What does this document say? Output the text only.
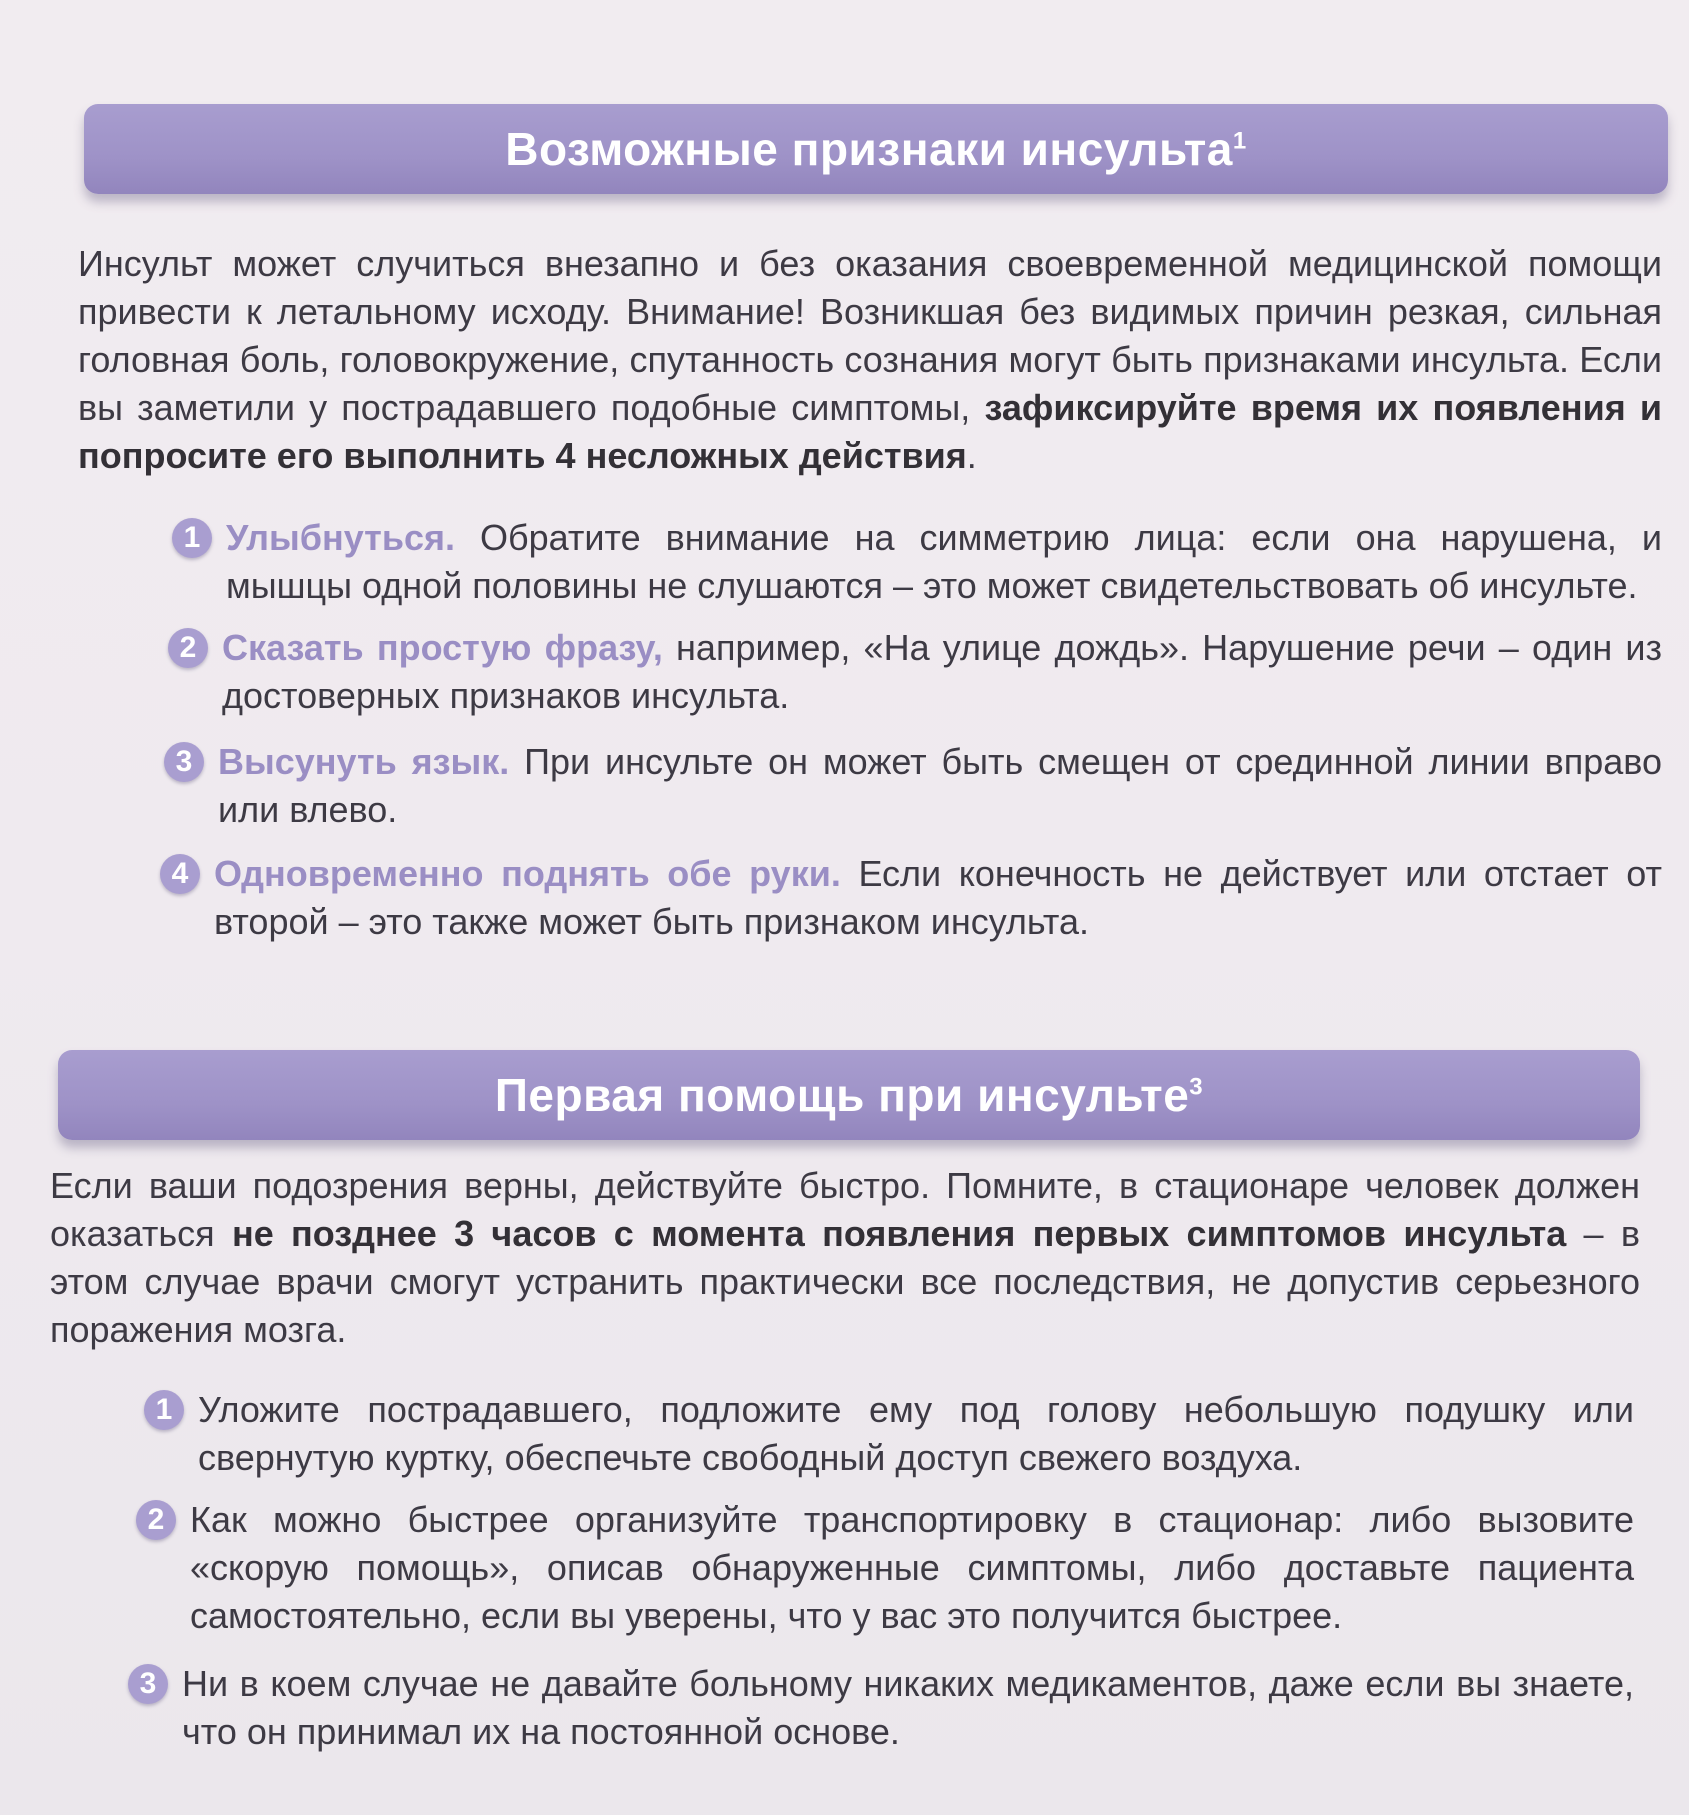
Возможные признаки инсульта$^1$

Инсульт может случиться внезапно и без оказания своевременной медицинской помощи привести к летальному исходу. Внимание! Возникшая без видимых причин резкая, сильная головная боль, головокружение, спутанность сознания могут быть признаками инсульта. Если вы заметили у пострадавшего подобные симптомы, зафиксируйте время их появления и попросите его выполнить 4 несложных действия.

1 Улыбнуться. Обратите внимание на симметрию лица: если она нарушена, и мышцы одной половины не слушаются – это может свидетельствовать об инсульте.
2 Сказать простую фразу, например, «На улице дождь». Нарушение речи – один из достоверных признаков инсульта.
3 Высунуть язык. При инсульте он может быть смещен от срединной линии вправо или влево.
4 Одновременно поднять обе руки. Если конечность не действует или отстает от второй – это также может быть признаком инсульта.
Первая помощь при инсульте$^3$

Если ваши подозрения верны, действуйте быстро. Помните, в стационаре человек должен оказаться не позднее 3 часов с момента появления первых симптомов инсульта – в этом случае врачи смогут устранить практически все последствия, не допустив серьезного поражения мозга.

1 Уложите пострадавшего, подложите ему под голову небольшую подушку или свернутую куртку, обеспечьте свободный доступ свежего воздуха.
2 Как можно быстрее организуйте транспортировку в стационар: либо вызовите «скорую помощь», описав обнаруженные симптомы, либо доставьте пациента самостоятельно, если вы уверены, что у вас это получится быстрее.
3 Ни в коем случае не давайте больному никаких медикаментов, даже если вы знаете, что он принимал их на постоянной основе.
